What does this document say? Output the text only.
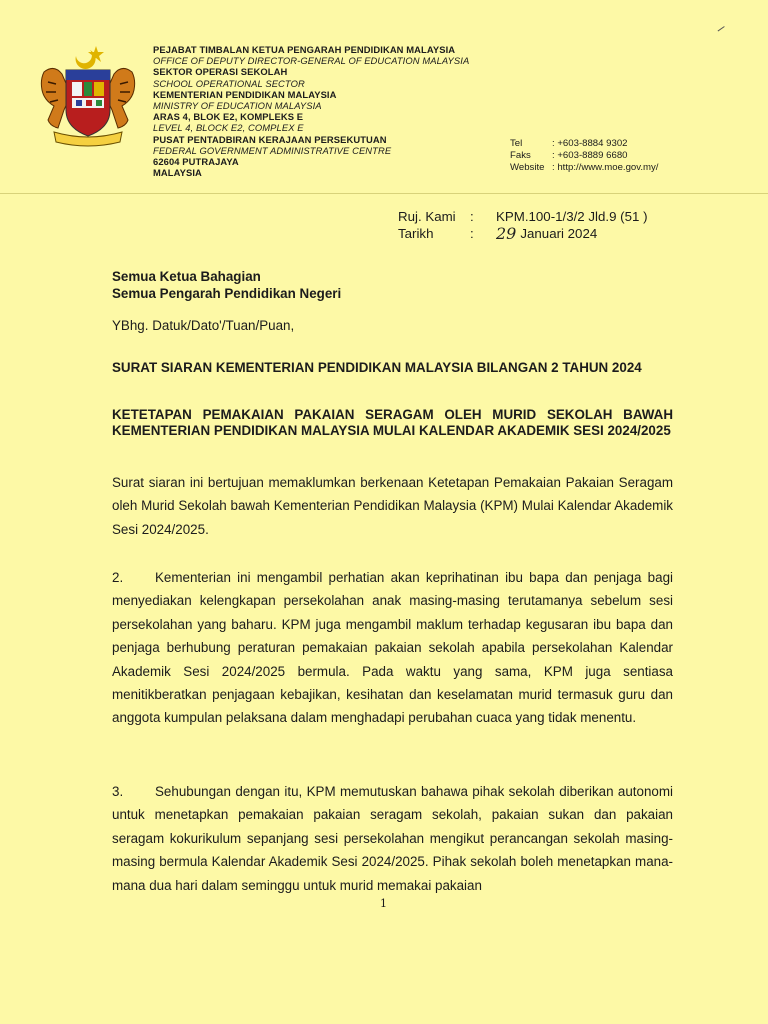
PEJABAT TIMBALAN KETUA PENGARAH PENDIDIKAN MALAYSIA
OFFICE OF DEPUTY DIRECTOR-GENERAL OF EDUCATION MALAYSIA
SEKTOR OPERASI SEKOLAH
SCHOOL OPERATIONAL SECTOR
KEMENTERIAN PENDIDIKAN MALAYSIA
MINISTRY OF EDUCATION MALAYSIA
ARAS 4, BLOK E2, KOMPLEKS E
LEVEL 4, BLOCK E2, COMPLEX E
PUSAT PENTADBIRAN KERAJAAN PERSEKUTUAN
FEDERAL GOVERNMENT ADMINISTRATIVE CENTRE
62604 PUTRAJAYA
MALAYSIA
Tel	: +603-8884 9302
Faks	: +603-8889 6680
Website : http://www.moe.gov.my/
Ruj. Kami	:	KPM.100-1/3/2 Jld.9 (51 )
Tarikh	:	29 Januari 2024
Semua Ketua Bahagian
Semua Pengarah Pendidikan Negeri
YBhg. Datuk/Dato'/Tuan/Puan,
SURAT SIARAN KEMENTERIAN PENDIDIKAN MALAYSIA BILANGAN 2 TAHUN 2024
KETETAPAN PEMAKAIAN PAKAIAN SERAGAM OLEH MURID SEKOLAH BAWAH KEMENTERIAN PENDIDIKAN MALAYSIA MULAI KALENDAR AKADEMIK SESI 2024/2025
Surat siaran ini bertujuan memaklumkan berkenaan Ketetapan Pemakaian Pakaian Seragam oleh Murid Sekolah bawah Kementerian Pendidikan Malaysia (KPM) Mulai Kalendar Akademik Sesi 2024/2025.
2. Kementerian ini mengambil perhatian akan keprihatinan ibu bapa dan penjaga bagi menyediakan kelengkapan persekolahan anak masing-masing terutamanya sebelum sesi persekolahan yang baharu. KPM juga mengambil maklum terhadap kegusaran ibu bapa dan penjaga berhubung peraturan pemakaian pakaian sekolah apabila persekolahan Kalendar Akademik Sesi 2024/2025 bermula. Pada waktu yang sama, KPM juga sentiasa menitikberatkan penjagaan kebajikan, kesihatan dan keselamatan murid termasuk guru dan anggota kumpulan pelaksana dalam menghadapi perubahan cuaca yang tidak menentu.
3. Sehubungan dengan itu, KPM memutuskan bahawa pihak sekolah diberikan autonomi untuk menetapkan pemakaian pakaian seragam sekolah, pakaian sukan dan pakaian seragam kokurikulum sepanjang sesi persekolahan mengikut perancangan sekolah masing-masing bermula Kalendar Akademik Sesi 2024/2025. Pihak sekolah boleh menetapkan mana-mana dua hari dalam seminggu untuk murid memakai pakaian
1
